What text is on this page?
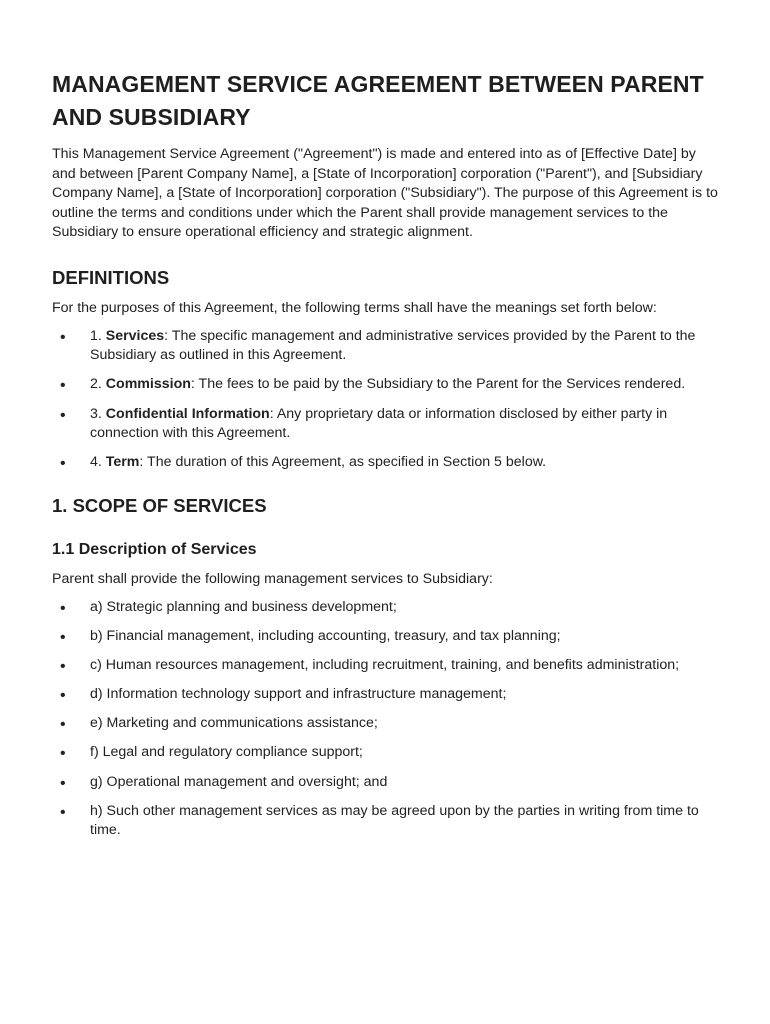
MANAGEMENT SERVICE AGREEMENT BETWEEN PARENT AND SUBSIDIARY

This Management Service Agreement ("Agreement") is made and entered into as of [Effective Date] by and between [Parent Company Name], a [State of Incorporation] corporation ("Parent"), and [Subsidiary Company Name], a [State of Incorporation] corporation ("Subsidiary"). The purpose of this Agreement is to outline the terms and conditions under which the Parent shall provide management services to the Subsidiary to ensure operational efficiency and strategic alignment.

DEFINITIONS

For the purposes of this Agreement, the following terms shall have the meanings set forth below:

• 1. Services: The specific management and administrative services provided by the Parent to the Subsidiary as outlined in this Agreement.
• 2. Commission: The fees to be paid by the Subsidiary to the Parent for the Services rendered.
• 3. Confidential Information: Any proprietary data or information disclosed by either party in connection with this Agreement.
• 4. Term: The duration of this Agreement, as specified in Section 5 below.
1. SCOPE OF SERVICES
1.1 Description of Services

Parent shall provide the following management services to Subsidiary:

• a) Strategic planning and business development;
• b) Financial management, including accounting, treasury, and tax planning;
• c) Human resources management, including recruitment, training, and benefits administration;
• d) Information technology support and infrastructure management;
• e) Marketing and communications assistance;
• f) Legal and regulatory compliance support;
• g) Operational management and oversight; and
• h) Such other management services as may be agreed upon by the parties in writing from time to time.
